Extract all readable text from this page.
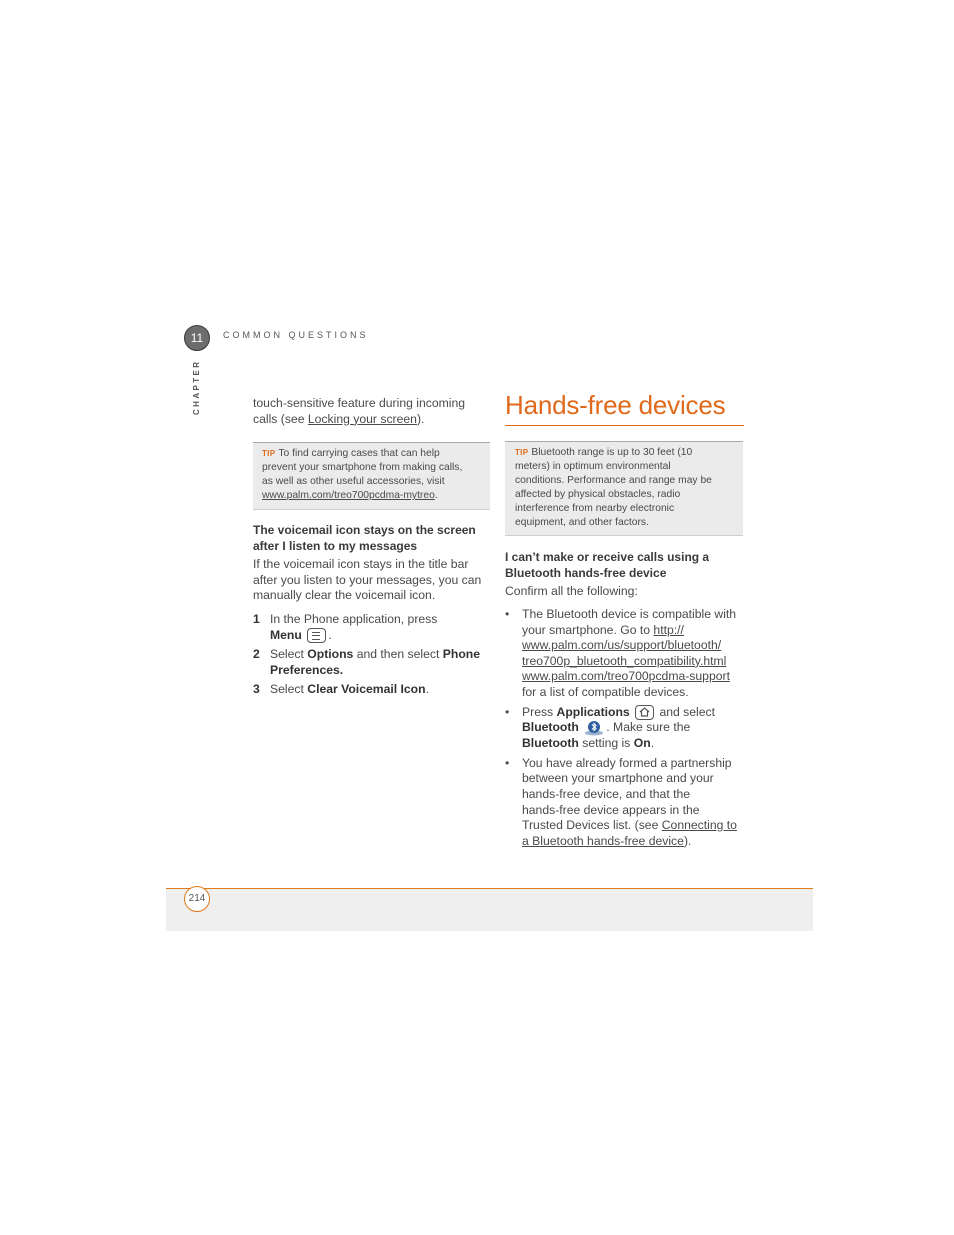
11	COMMON QUESTIONS
CHAPTER	touch-sensitive feature during incoming
calls (see Locking your screen).
TIP To find carrying cases that can help
prevent your smartphone from making calls,
as well as other useful accessories, visit
www.palm.com/treo700pcdma-mytreo.
The voicemail icon stays on the screen
after I listen to my messages
If the voicemail icon stays in the title bar
after you listen to your messages, you can
manually clear the voicemail icon.
1 In the Phone application, press
Menu .
2 Select Options and then select Phone
Preferences.
3 Select Clear Voicemail Icon.
Hands-free devices
TIP Bluetooth range is up to 30 feet (10
meters) in optimum environmental
conditions. Performance and range may be
affected by physical obstacles, radio
interference from nearby electronic
equipment, and other factors.
I can’t make or receive calls using a
Bluetooth hands-free device
Confirm all the following:
• The Bluetooth device is compatible with
your smartphone. Go to http://
www.palm.com/us/support/bluetooth/
treo700p_bluetooth_compatibility.html
www.palm.com/treo700pcdma-support
for a list of compatible devices.
• Press Applications
and select
Bluetooth . Make sure the
Bluetooth setting is On.
• You have already formed a partnership
between your smartphone and your
hands-free device, and that the
hands-free device appears in the
Trusted Devices list. (see Connecting to
a Bluetooth hands-free device).
214
